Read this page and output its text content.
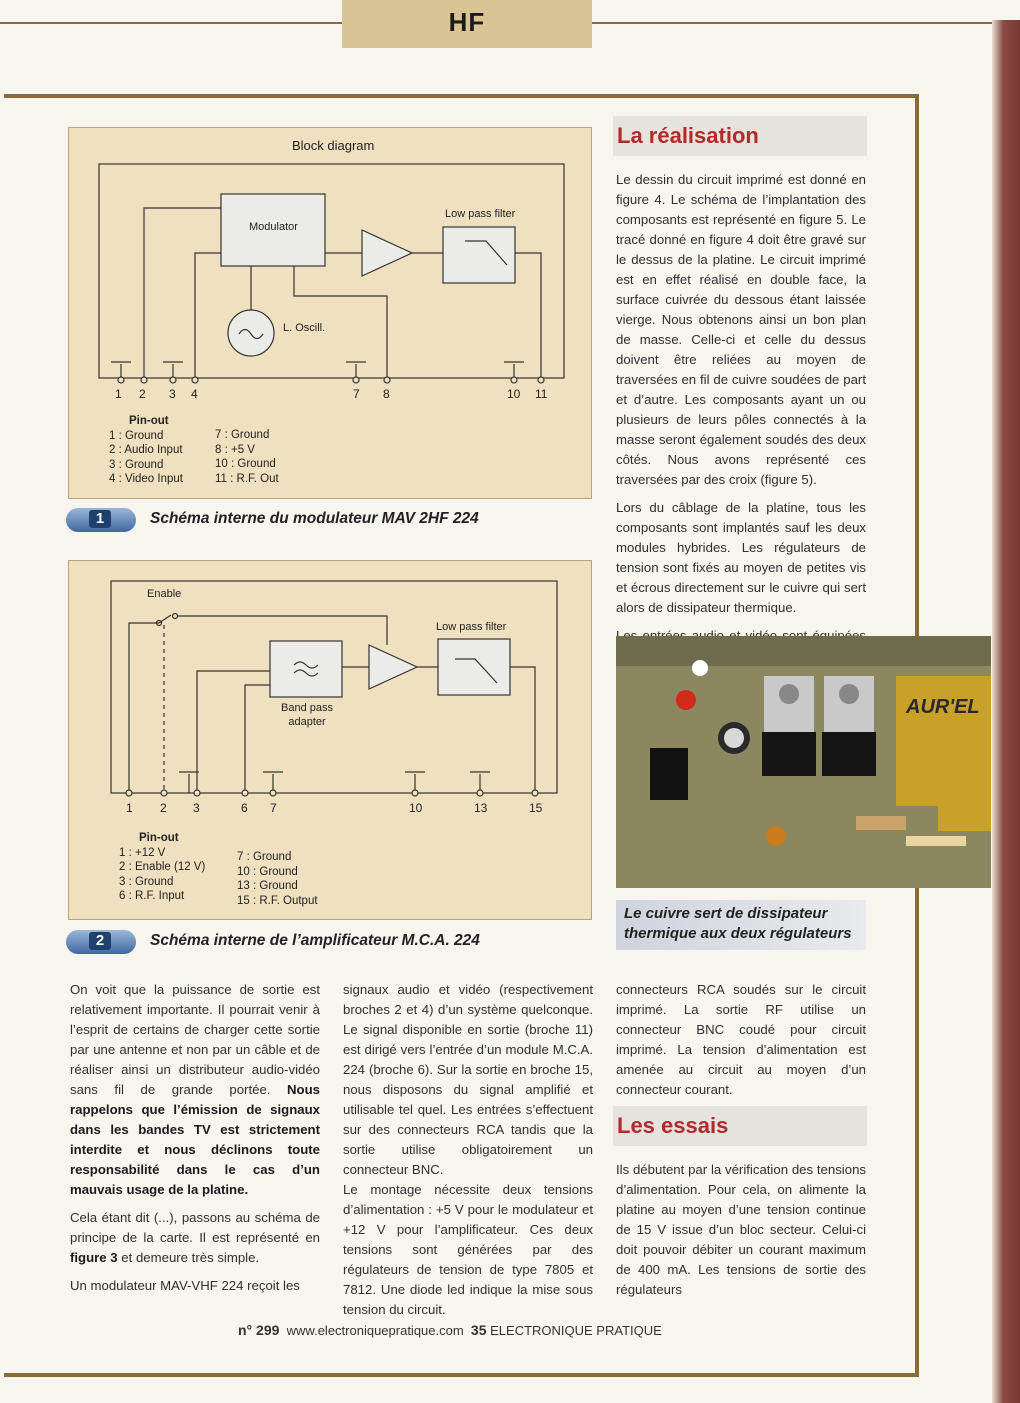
HF
Block diagram
Modulator
Low pass filter
L. Oscill.
1 2 3 4	7 8	10 11
Pin-out
1 : Ground
2 : Audio Input
3 : Ground
4 : Video Input
7 : Ground
8 : +5 V
10 : Ground
11 : R.F. Out
1	Schéma interne du modulateur MAV 2HF 224
Enable
Low pass filter
Band pass adapter
1 2 3	6 7	10	13	15
Pin-out
1 : +12 V
2 : Enable (12 V)
3 : Ground
6 : R.F. Input
7 : Ground
10 : Ground
13 : Ground
15 : R.F. Output
2	Schéma interne de l’amplificateur M.C.A. 224
La réalisation

Le dessin du circuit imprimé est donné en figure 4. Le schéma de l’implantation des composants est représenté en figure 5. Le tracé donné en figure 4 doit être gravé sur le dessus de la platine. Le circuit imprimé est en effet réalisé en double face, la surface cuivrée du dessous étant laissée vierge. Nous obtenons ainsi un bon plan de masse. Celle-ci et celle du dessus doivent être reliées au moyen de traversées en fil de cuivre soudées de part et d’autre. Les composants ayant un ou plusieurs de leurs pôles connectés à la masse seront également soudés des deux côtés. Nous avons représenté ces traversées par des croix (figure 5).

Lors du câblage de la platine, tous les composants sont implantés sauf les deux modules hybrides. Les régulateurs de tension sont fixés au moyen de petites vis et écrous directement sur le cuivre qui sert alors de dissipateur thermique.

AUR'EL
Le cuivre sert de dissipateur thermique aux deux régulateurs

On voit que la puissance de sortie est relativement importante. Il pourrait venir à l’esprit de certains de charger cette sortie par une antenne et non par un câble et de réaliser ainsi un distributeur audio-vidéo sans fil de grande portée. Nous rappelons que l’émission de signaux dans les bandes TV est strictement interdite et nous déclinons toute responsabilité dans le cas d’un mauvais usage de la platine.

Cela étant dit (...), passons au schéma de principe de la carte. Il est représenté en figure 3 et demeure très simple.

Un modulateur MAV-VHF 224 reçoit les

signaux audio et vidéo (respectivement broches 2 et 4) d’un système quelconque. Le signal disponible en sortie (broche 11) est dirigé vers l’entrée d’un module M.C.A. 224 (broche 6). Sur la sortie en broche 15, nous disposons du signal amplifié et utilisable tel quel. Les entrées s’effectuent sur des connecteurs RCA tandis que la sortie utilise obligatoirement un connecteur BNC.

Le montage nécessite deux tensions d’alimentation : +5 V pour le modulateur et +12 V pour l’amplificateur. Ces deux tensions sont générées par des régulateurs de tension de type 7805 et 7812. Une diode led indique la mise sous tension du circuit.

connecteurs RCA soudés sur le circuit imprimé. La sortie RF utilise un connecteur BNC coudé pour circuit imprimé. La tension d’alimentation est amenée au circuit au moyen d’un connecteur courant.

Les essais

Ils débutent par la vérification des tensions d’alimentation. Pour cela, on alimente la platine au moyen d’une tension continue de 15 V issue d’un bloc secteur. Celui-ci doit pouvoir débiter un courant maximum de 400 mA. Les tensions de sortie des régulateurs

n° 299 www.electroniquepratique.com 35 ELECTRONIQUE PRATIQUE
